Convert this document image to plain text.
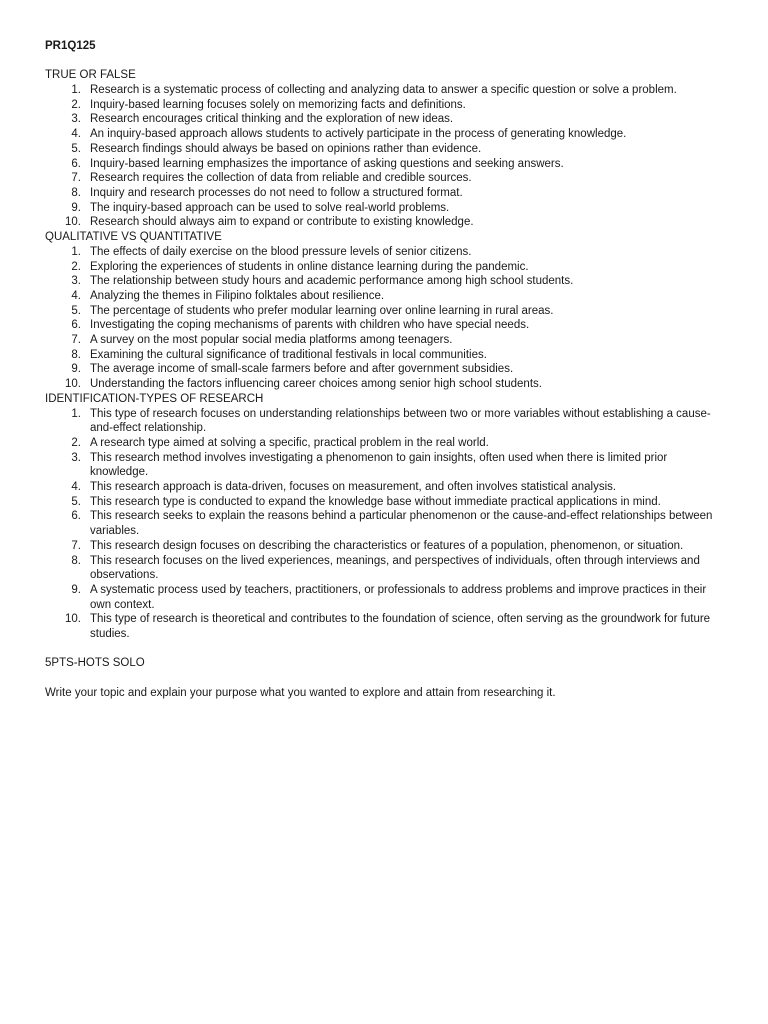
PR1Q125
TRUE OR FALSE
1. Research is a systematic process of collecting and analyzing data to answer a specific question or solve a problem.
2. Inquiry-based learning focuses solely on memorizing facts and definitions.
3. Research encourages critical thinking and the exploration of new ideas.
4. An inquiry-based approach allows students to actively participate in the process of generating knowledge.
5. Research findings should always be based on opinions rather than evidence.
6. Inquiry-based learning emphasizes the importance of asking questions and seeking answers.
7. Research requires the collection of data from reliable and credible sources.
8. Inquiry and research processes do not need to follow a structured format.
9. The inquiry-based approach can be used to solve real-world problems.
10. Research should always aim to expand or contribute to existing knowledge.
QUALITATIVE VS QUANTITATIVE
1. The effects of daily exercise on the blood pressure levels of senior citizens.
2. Exploring the experiences of students in online distance learning during the pandemic.
3. The relationship between study hours and academic performance among high school students.
4. Analyzing the themes in Filipino folktales about resilience.
5. The percentage of students who prefer modular learning over online learning in rural areas.
6. Investigating the coping mechanisms of parents with children who have special needs.
7. A survey on the most popular social media platforms among teenagers.
8. Examining the cultural significance of traditional festivals in local communities.
9. The average income of small-scale farmers before and after government subsidies.
10. Understanding the factors influencing career choices among senior high school students.
IDENTIFICATION-TYPES OF RESEARCH
1. This type of research focuses on understanding relationships between two or more variables without establishing a cause-and-effect relationship.
2. A research type aimed at solving a specific, practical problem in the real world.
3. This research method involves investigating a phenomenon to gain insights, often used when there is limited prior knowledge.
4. This research approach is data-driven, focuses on measurement, and often involves statistical analysis.
5. This research type is conducted to expand the knowledge base without immediate practical applications in mind.
6. This research seeks to explain the reasons behind a particular phenomenon or the cause-and-effect relationships between variables.
7. This research design focuses on describing the characteristics or features of a population, phenomenon, or situation.
8. This research focuses on the lived experiences, meanings, and perspectives of individuals, often through interviews and observations.
9. A systematic process used by teachers, practitioners, or professionals to address problems and improve practices in their own context.
10. This type of research is theoretical and contributes to the foundation of science, often serving as the groundwork for future studies.
5PTS-HOTS SOLO
Write your topic and explain your purpose what you wanted to explore and attain from researching it.
